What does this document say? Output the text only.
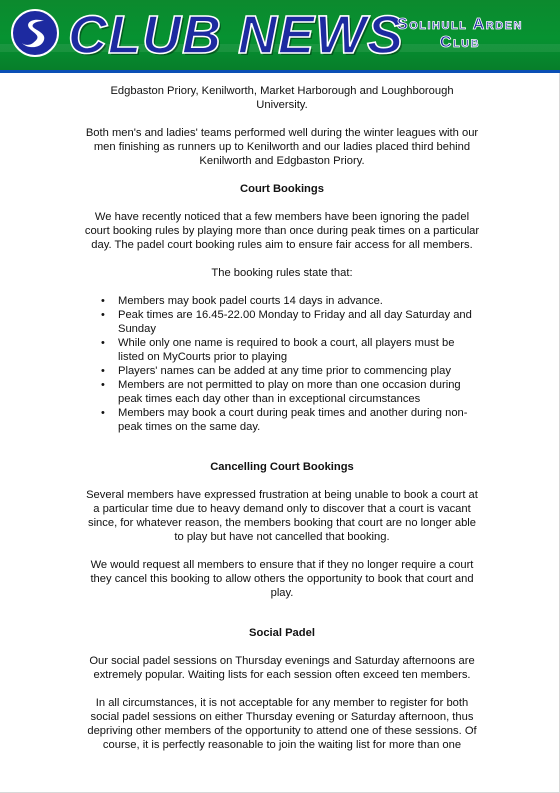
CLUB NEWS
Solihull Arden
Club

Edgbaston Priory, Kenilworth, Market Harborough and Loughborough University.

Both men's and ladies' teams performed well during the winter leagues with our men finishing as runners up to Kenilworth and our ladies placed third behind Kenilworth and Edgbaston Priory.

Court Bookings

We have recently noticed that a few members have been ignoring the padel court booking rules by playing more than once during peak times on a particular day. The padel court booking rules aim to ensure fair access for all members.

The booking rules state that:

• Members may book padel courts 14 days in advance.
• Peak times are 16.45-22.00 Monday to Friday and all day Saturday and Sunday
• While only one name is required to book a court, all players must be listed on MyCourts prior to playing
• Players' names can be added at any time prior to commencing play
• Members are not permitted to play on more than one occasion during peak times each day other than in exceptional circumstances
• Members may book a court during peak times and another during non-peak times on the same day.
Cancelling Court Bookings

Several members have expressed frustration at being unable to book a court at a particular time due to heavy demand only to discover that a court is vacant since, for whatever reason, the members booking that court are no longer able to play but have not cancelled that booking.

We would request all members to ensure that if they no longer require a court they cancel this booking to allow others the opportunity to book that court and play.

Social Padel

Our social padel sessions on Thursday evenings and Saturday afternoons are extremely popular. Waiting lists for each session often exceed ten members.

In all circumstances, it is not acceptable for any member to register for both social padel sessions on either Thursday evening or Saturday afternoon, thus depriving other members of the opportunity to attend one of these sessions. Of course, it is perfectly reasonable to join the waiting list for more than one
